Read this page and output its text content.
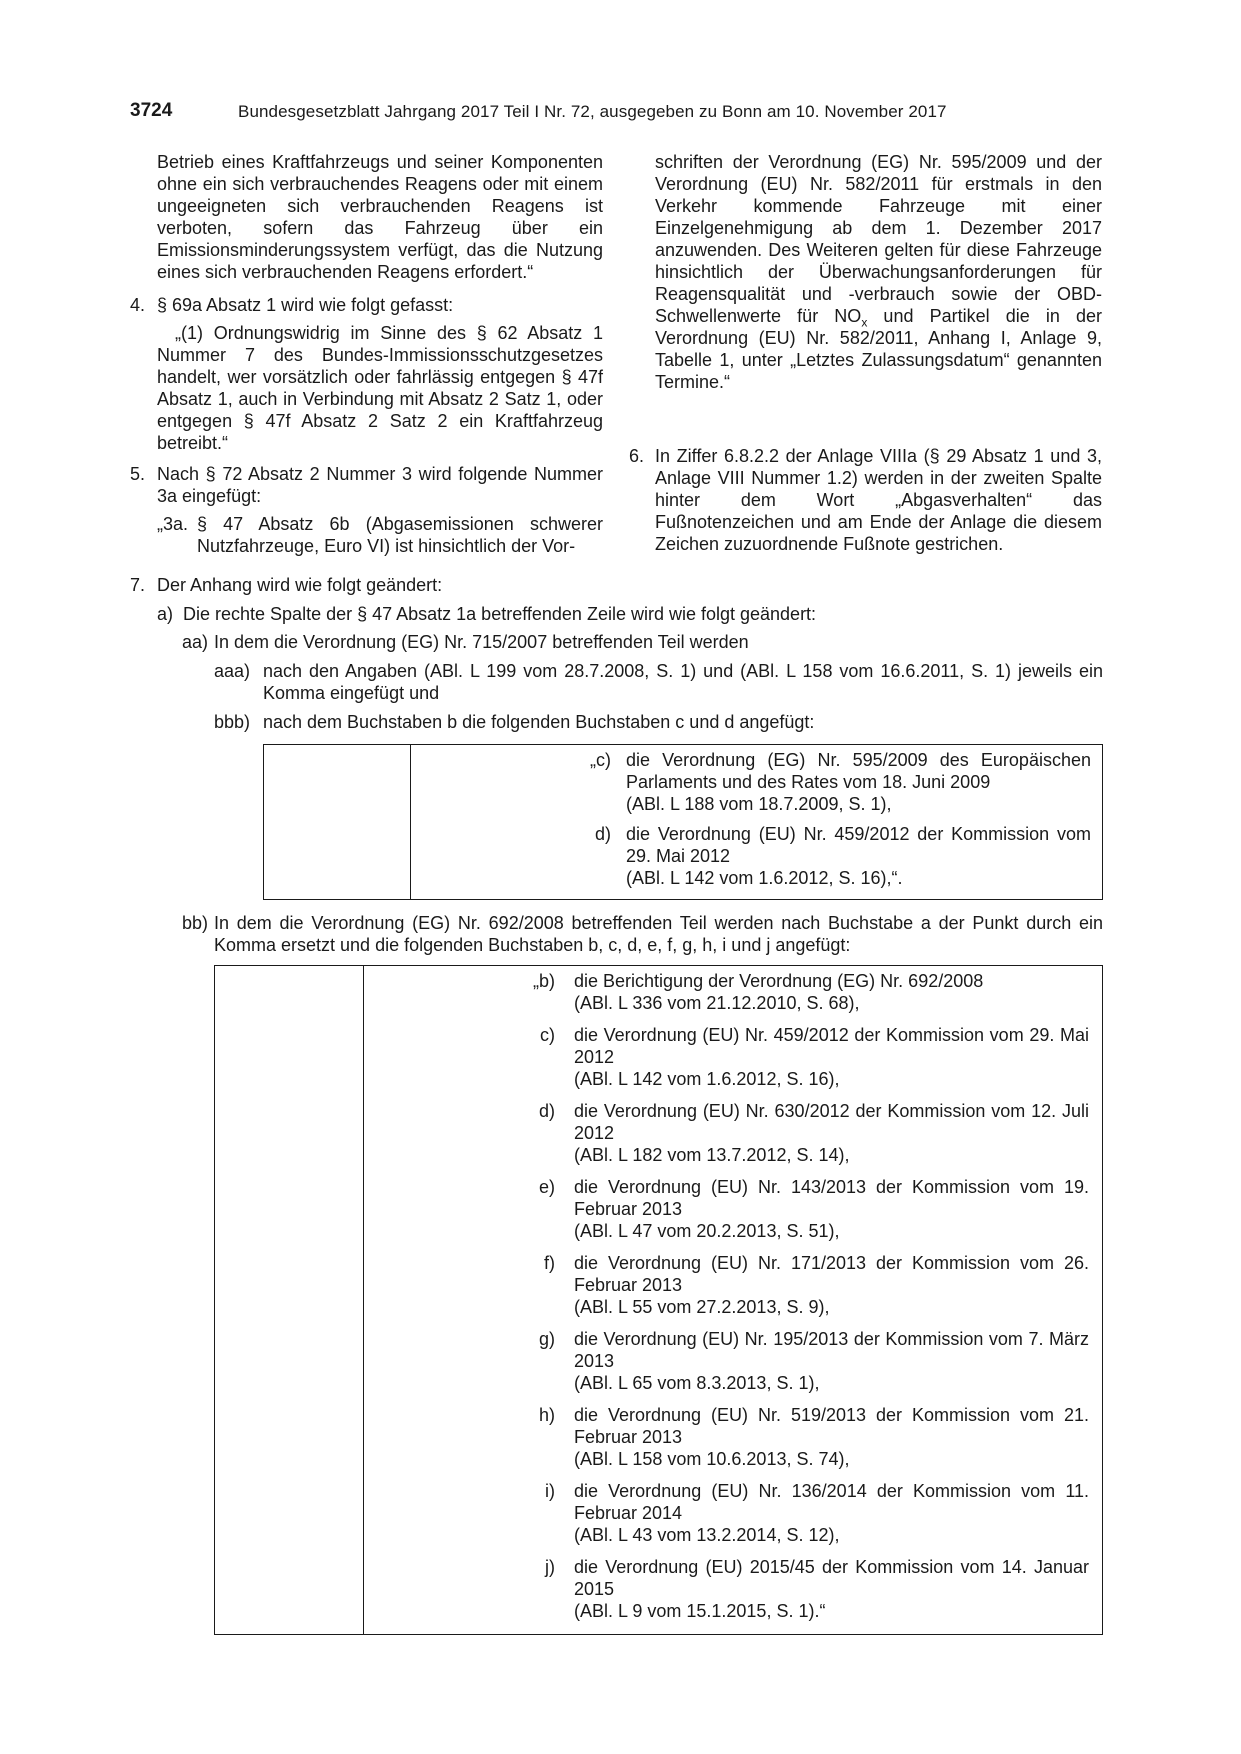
3724	Bundesgesetzblatt Jahrgang 2017 Teil I Nr. 72, ausgegeben zu Bonn am 10. November 2017
Betrieb eines Kraftfahrzeugs und seiner Komponenten ohne ein sich verbrauchendes Reagens oder mit einem ungeeigneten sich verbrauchenden Reagens ist verboten, sofern das Fahrzeug über ein Emissionsminderungssystem verfügt, das die Nutzung eines sich verbrauchenden Reagens erfordert.“
4. § 69a Absatz 1 wird wie folgt gefasst:
„(1) Ordnungswidrig im Sinne des § 62 Absatz 1 Nummer 7 des Bundes-Immissionsschutzgesetzes handelt, wer vorsätzlich oder fahrlässig entgegen § 47f Absatz 1, auch in Verbindung mit Absatz 2 Satz 1, oder entgegen § 47f Absatz 2 Satz 2 ein Kraftfahrzeug betreibt.“
5. Nach § 72 Absatz 2 Nummer 3 wird folgende Nummer 3a eingefügt:
„3a. § 47 Absatz 6b (Abgasemissionen schwerer Nutzfahrzeuge, Euro VI) ist hinsichtlich der Vor-
schriften der Verordnung (EG) Nr. 595/2009 und der Verordnung (EU) Nr. 582/2011 für erstmals in den Verkehr kommende Fahrzeuge mit einer Einzelgenehmigung ab dem 1. Dezember 2017 anzuwenden. Des Weiteren gelten für diese Fahrzeuge hinsichtlich der Überwachungsanforderungen für Reagensqualität und -verbrauch sowie der OBD-Schwellenwerte für $NO_x$ und Partikel die in der Verordnung (EU) Nr. 582/2011, Anhang I, Anlage 9, Tabelle 1, unter „Letztes Zulassungsdatum“ genannten Termine.“
6. In Ziffer 6.8.2.2 der Anlage VIIIa (§ 29 Absatz 1 und 3, Anlage VIII Nummer 1.2) werden in der zweiten Spalte hinter dem Wort „Abgasverhalten“ das Fußnotenzeichen und am Ende der Anlage die diesem Zeichen zuzuordnende Fußnote gestrichen.
7. Der Anhang wird wie folgt geändert:
a) Die rechte Spalte der § 47 Absatz 1a betreffenden Zeile wird wie folgt geändert:
aa) In dem die Verordnung (EG) Nr. 715/2007 betreffenden Teil werden
aaa) nach den Angaben (ABl. L 199 vom 28.7.2008, S. 1) und (ABl. L 158 vom 16.6.2011, S. 1) jeweils ein Komma eingefügt und
bbb) nach dem Buchstaben b die folgenden Buchstaben c und d angefügt:

„c) die Verordnung (EG) Nr. 595/2009 des Europäischen Parlaments und des Rates vom 18. Juni 2009
(ABl. L 188 vom 18.7.2009, S. 1),
d) die Verordnung (EU) Nr. 459/2012 der Kommission vom 29. Mai 2012
(ABl. L 142 vom 1.6.2012, S. 16),“.
bb) In dem die Verordnung (EG) Nr. 692/2008 betreffenden Teil werden nach Buchstabe a der Punkt durch ein Komma ersetzt und die folgenden Buchstaben b, c, d, e, f, g, h, i und j angefügt:

„b) die Berichtigung der Verordnung (EG) Nr. 692/2008
(ABl. L 336 vom 21.12.2010, S. 68),
c) die Verordnung (EU) Nr. 459/2012 der Kommission vom 29. Mai 2012
(ABl. L 142 vom 1.6.2012, S. 16),
d) die Verordnung (EU) Nr. 630/2012 der Kommission vom 12. Juli 2012
(ABl. L 182 vom 13.7.2012, S. 14),
e) die Verordnung (EU) Nr. 143/2013 der Kommission vom 19. Februar 2013
(ABl. L 47 vom 20.2.2013, S. 51),
f) die Verordnung (EU) Nr. 171/2013 der Kommission vom 26. Februar 2013
(ABl. L 55 vom 27.2.2013, S. 9),
g) die Verordnung (EU) Nr. 195/2013 der Kommission vom 7. März 2013
(ABl. L 65 vom 8.3.2013, S. 1),
h) die Verordnung (EU) Nr. 519/2013 der Kommission vom 21. Februar 2013
(ABl. L 158 vom 10.6.2013, S. 74),
i) die Verordnung (EU) Nr. 136/2014 der Kommission vom 11. Februar 2014
(ABl. L 43 vom 13.2.2014, S. 12),
j) die Verordnung (EU) 2015/45 der Kommission vom 14. Januar 2015
(ABl. L 9 vom 15.1.2015, S. 1).“
